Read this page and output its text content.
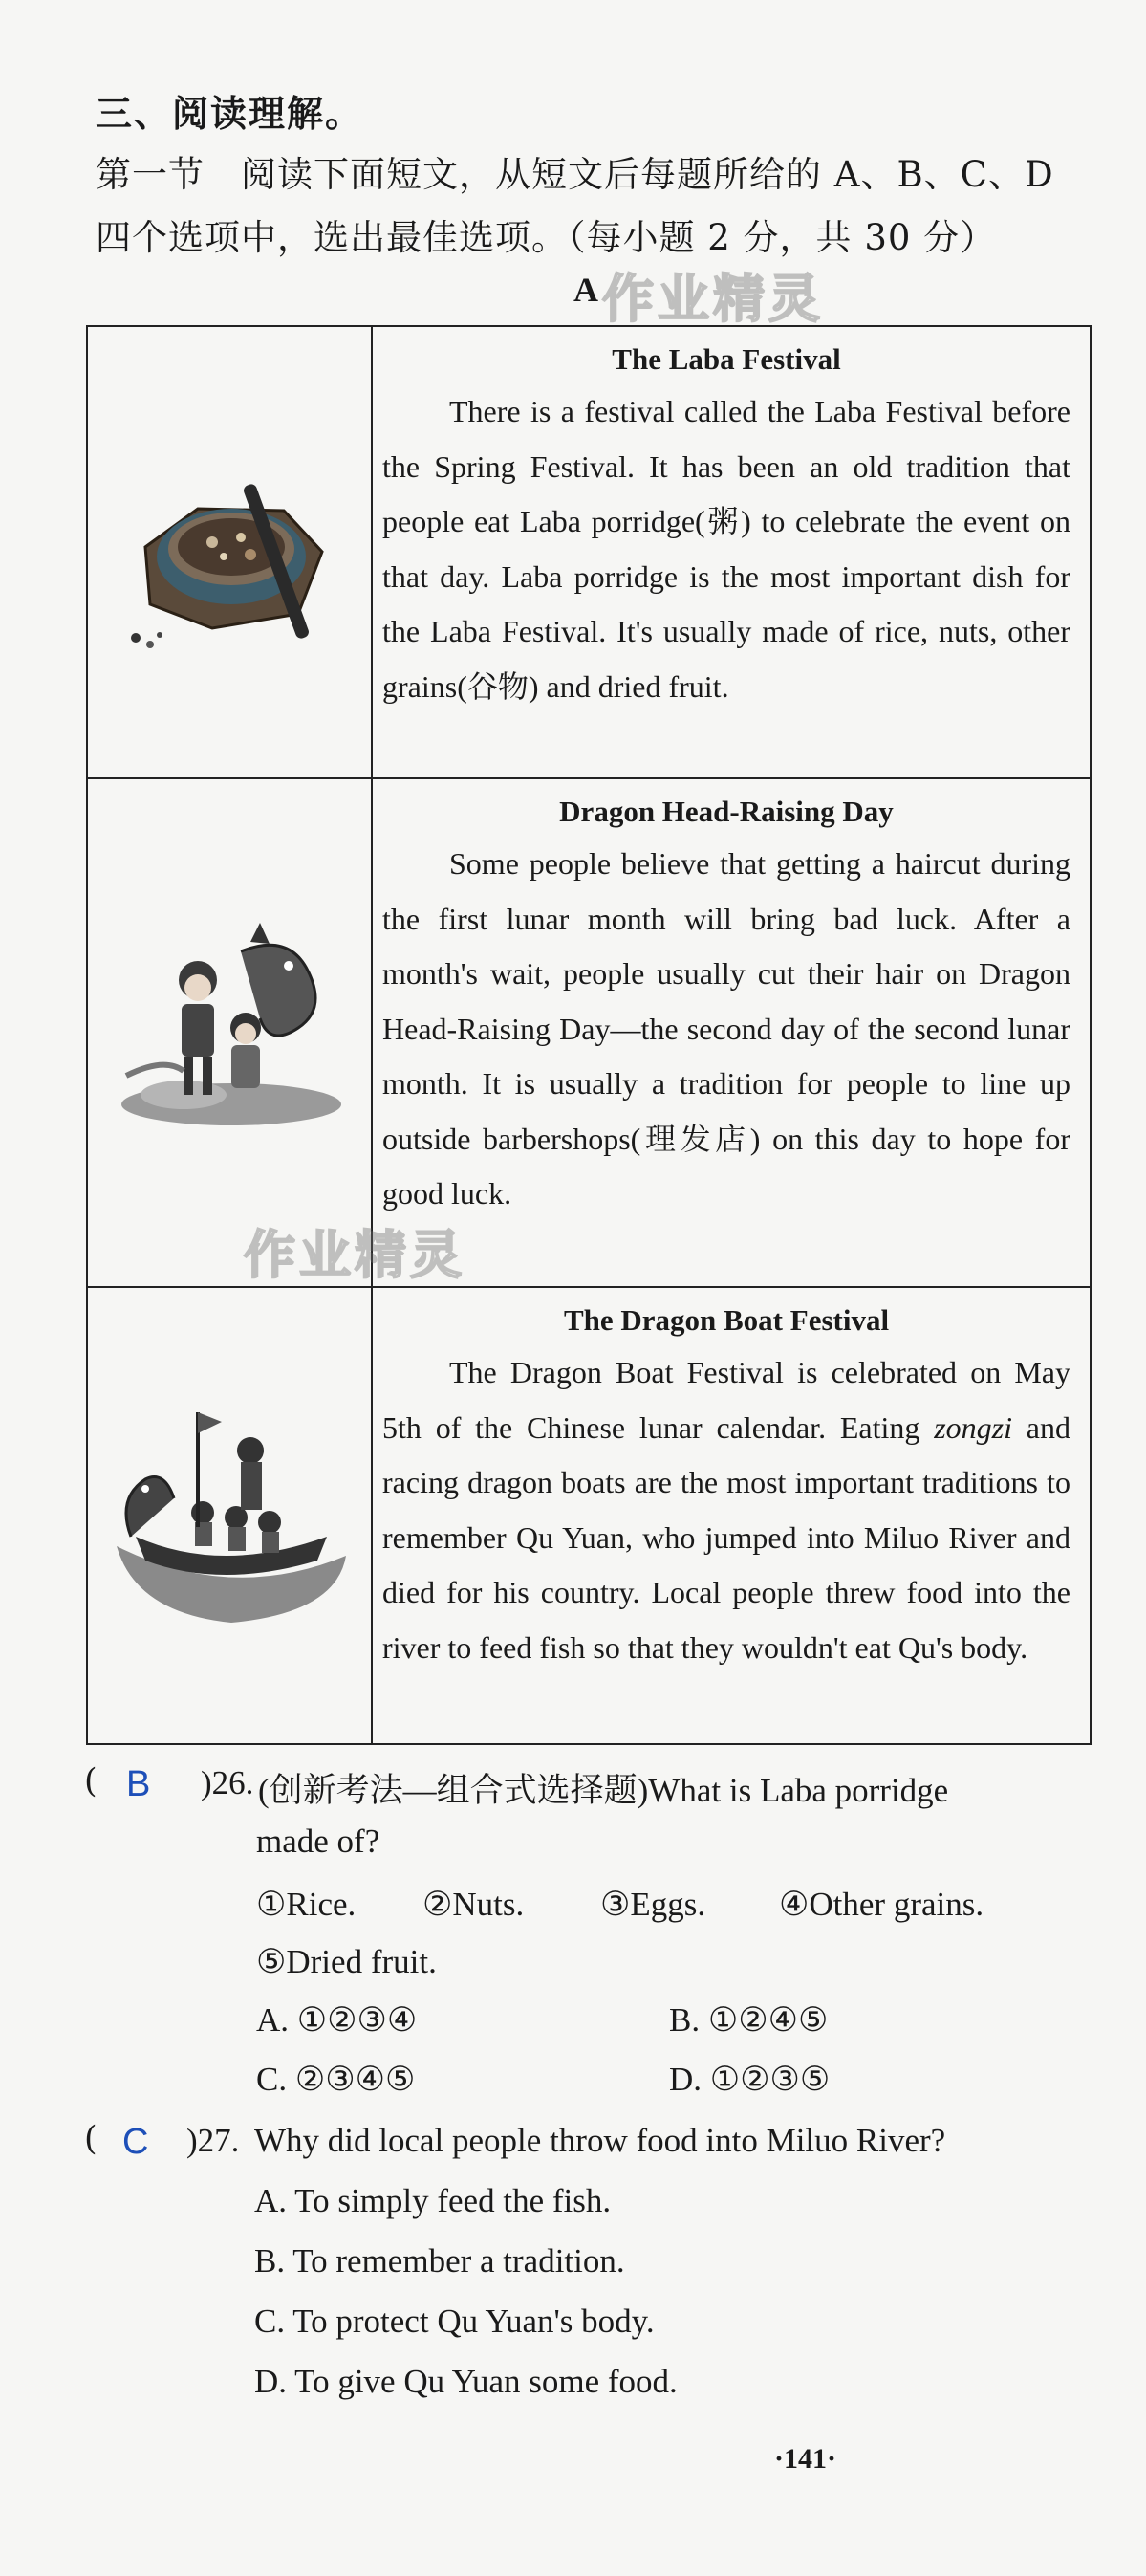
三、阅读理解。
第一节　阅读下面短文，从短文后每题所给的 A、B、C、D 四个选项中，选出最佳选项。（每小题 2 分，共 30 分）
A 作业精灵
The Laba Festival

There is a festival called the Laba Festival before the Spring Festival. It has been an old tradition that people eat Laba porridge(粥) to celebrate the event on that day. Laba porridge is the most important dish for the Laba Festival. It's usually made of rice, nuts, other grains(谷物) and dried fruit.

Dragon Head-Raising Day

Some people believe that getting a haircut during the first lunar month will bring bad luck. After a month's wait, people usually cut their hair on Dragon Head-Raising Day—the second day of the second lunar month. It is usually a tradition for people to line up outside barbershops(理发店) on this day to hope for good luck.

The Dragon Boat Festival

The Dragon Boat Festival is celebrated on May 5th of the Chinese lunar calendar. Eating zongzi and racing dragon boats are the most important traditions to remember Qu Yuan, who jumped into Miluo River and died for his country. Local people threw food into the river to feed fish so that they wouldn't eat Qu's body.

作业精灵
( B )26. (创新考法—组合式选择题)What is Laba porridge
made of?
①Rice. ②Nuts. ③Eggs. ④Other grains.
⑤Dried fruit.
A. ①②③④	B. ①②④⑤
C. ②③④⑤	D. ①②③⑤
( C )27. Why did local people throw food into Miluo River?
A. To simply feed the fish.
B. To remember a tradition.
C. To protect Qu Yuan's body.
D. To give Qu Yuan some food.
·141·
